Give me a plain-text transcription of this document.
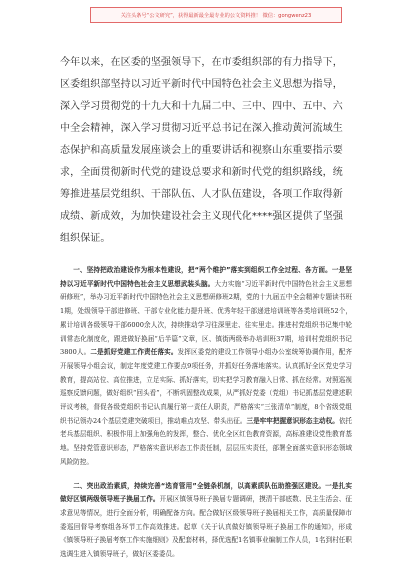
关注头条号“公文研究”，获得最新最全最专业的公文资料推！ 微信：gongwenz23

今年以来，在区委的坚强领导下，在市委组织部的有力指导下，区委组织部坚持以习近平新时代中国特色社会主义思想为指导，深入学习贯彻党的十九大和十九届二中、三中、四中、五中、六中全会精神，深入学习贯彻习近平总书记在深入推动黄河流域生态保护和高质量发展座谈会上的重要讲话和视察山东重要指示要求，全面贯彻新时代党的建设总要求和新时代党的组织路线，统筹推进基层党组织、干部队伍、人才队伍建设，各项工作取得新成绩、新成效，为加快建设社会主义现代化****强区提供了坚强组织保证。

一、坚持把政治建设作为根本性建设，把“两个维护”落实到组织工作全过程、各方面。一是坚持以习近平新时代中国特色社会主义思想武装头脑。大力实施“习近平新时代中国特色社会主义思想研修班”，举办习近平新时代中国特色社会主义思想研修班2期，党的十九届五中全会精神专题读书班1期，处级领导干部进修班、干部专业化能力提升班、优秀年轻干部递进培训班等各类培训班52个，累计培训各级领导干部6000余人次，持续推动学习往深里走、往实里走。推进村党组织书记集中轮训常态化制度化，跟进做好换届“后半篇”文章，区、镇街两级举办培训班37期，培训村党组织书记3800人。二是抓好党建工作责任落实。发挥区委党的建设工作领导小组办公室统筹协调作用，配齐开展领导小组会议，制定年度党建工作要点9项任务，并抓好任务落地落实。认真抓好全区党史学习教育，提高站位、高位推进，立足实际、抓好落实，切实把学习教育融入日常、抓在经常。对照巡视巡察反馈问题，做好组织“回头看”，不断巩固整改成果，从严抓好党委（党组）书记抓基层党建述职评议考核，督促各级党组织书记认真履行第一责任人职责，严格落实“三张清单”制度，8个省级党组织书记领办24个基层党建突破项目，推动难点攻坚、带头出征。三是牢牢把握意识形态主动权。依托老兵基层组织、积极作用上加强角色的发挥，整合、优化全区红色教育资源，高标准建设党性教育基地。坚持党管意识形态，严格落实意识形态工作责任制，层层压实责任，部署全面落实意识形态领域风险防控。

二、突出政治素质，持续完善“选育管用”全链条机制，以高素质队伍助推强区建设。一是扎实做好区镇两级领导班子换届工作。开展区镇领导班子换届专题调研，摸清干部底数、民主生活会、征求意见等情况，进行全面分析，明确配备方向。配合做好区级领导班子换届相关工作，高质量保障市委巡回督导考察组各环节工作高效推进。起草《关于认真做好镇领导班子换届工作的通知》，形成《镇领导班子换届考察工作实施细则》及配套材料，择优选配1名镇事业编制工作人员，1名到村任职选调生进入镇领导班子，做好区委委员。
